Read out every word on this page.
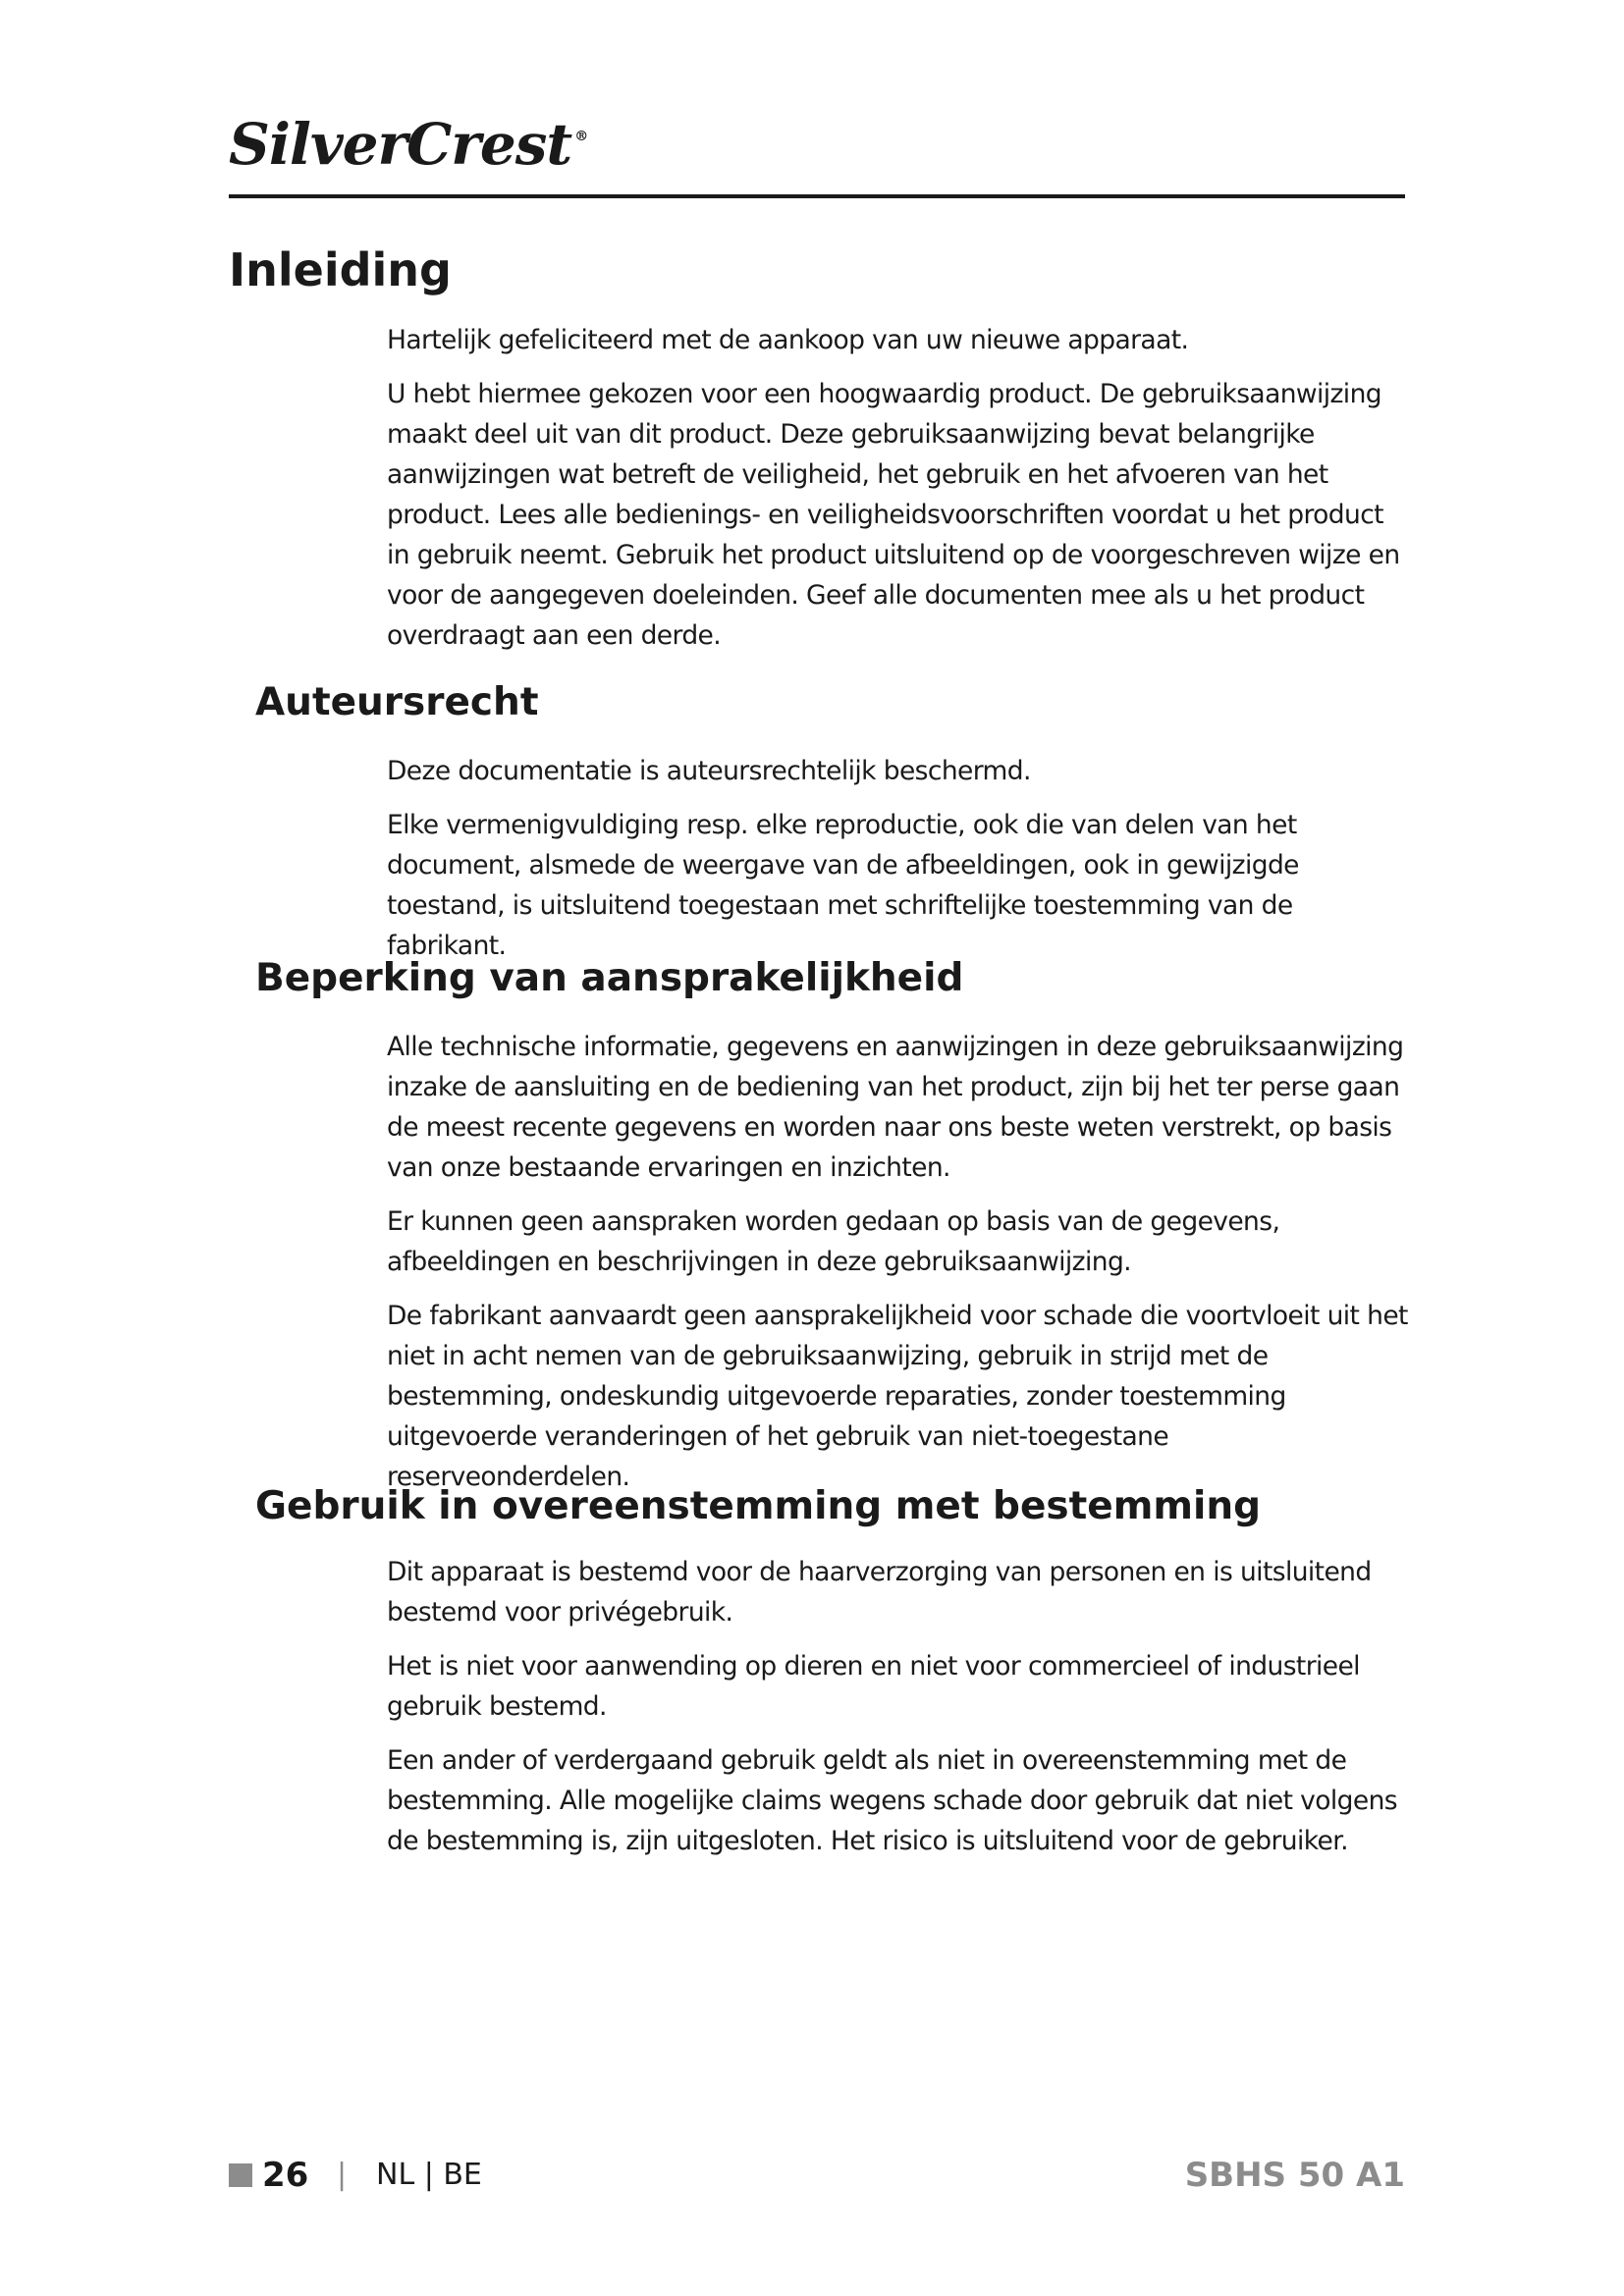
SilverCrest ®
Inleiding

Hartelijk gefeliciteerd met de aankoop van uw nieuwe apparaat.

U hebt hiermee gekozen voor een hoogwaardig product. De gebruiksaanwijzing maakt deel uit van dit product. Deze gebruiksaanwijzing bevat belangrijke aanwijzingen wat betreft de veiligheid, het gebruik en het afvoeren van het product. Lees alle bedienings- en veiligheidsvoorschriften voordat u het product in gebruik neemt. Gebruik het product uitsluitend op de voorgeschreven wijze en voor de aangegeven doeleinden. Geef alle documenten mee als u het product overdraagt aan een derde.

Auteursrecht

Deze documentatie is auteursrechtelijk beschermd.

Elke vermenigvuldiging resp. elke reproductie, ook die van delen van het document, alsmede de weergave van de afbeeldingen, ook in gewijzigde toestand, is uitsluitend toegestaan met schriftelijke toestemming van de fabrikant.

Beperking van aansprakelijkheid

Alle technische informatie, gegevens en aanwijzingen in deze gebruiksaanwijzing inzake de aansluiting en de bediening van het product, zijn bij het ter perse gaan de meest recente gegevens en worden naar ons beste weten verstrekt, op basis van onze bestaande ervaringen en inzichten.

Er kunnen geen aanspraken worden gedaan op basis van de gegevens, afbeeldingen en beschrijvingen in deze gebruiksaanwijzing.

De fabrikant aanvaardt geen aansprakelijkheid voor schade die voortvloeit uit het niet in acht nemen van de gebruiksaanwijzing, gebruik in strijd met de bestemming, ondeskundig uitgevoerde reparaties, zonder toestemming uitgevoerde veranderingen of het gebruik van niet-toegestane reserveonderdelen.

Gebruik in overeenstemming met bestemming

Dit apparaat is bestemd voor de haarverzorging van personen en is uitsluitend bestemd voor privégebruik.

Het is niet voor aanwending op dieren en niet voor commercieel of industrieel gebruik bestemd.

Een ander of verdergaand gebruik geldt als niet in overeenstemming met de bestemming. Alle mogelijke claims wegens schade door gebruik dat niet volgens de bestemming is, zijn uitgesloten. Het risico is uitsluitend voor de gebruiker.

26 | NL | BE	SBHS 50 A1
